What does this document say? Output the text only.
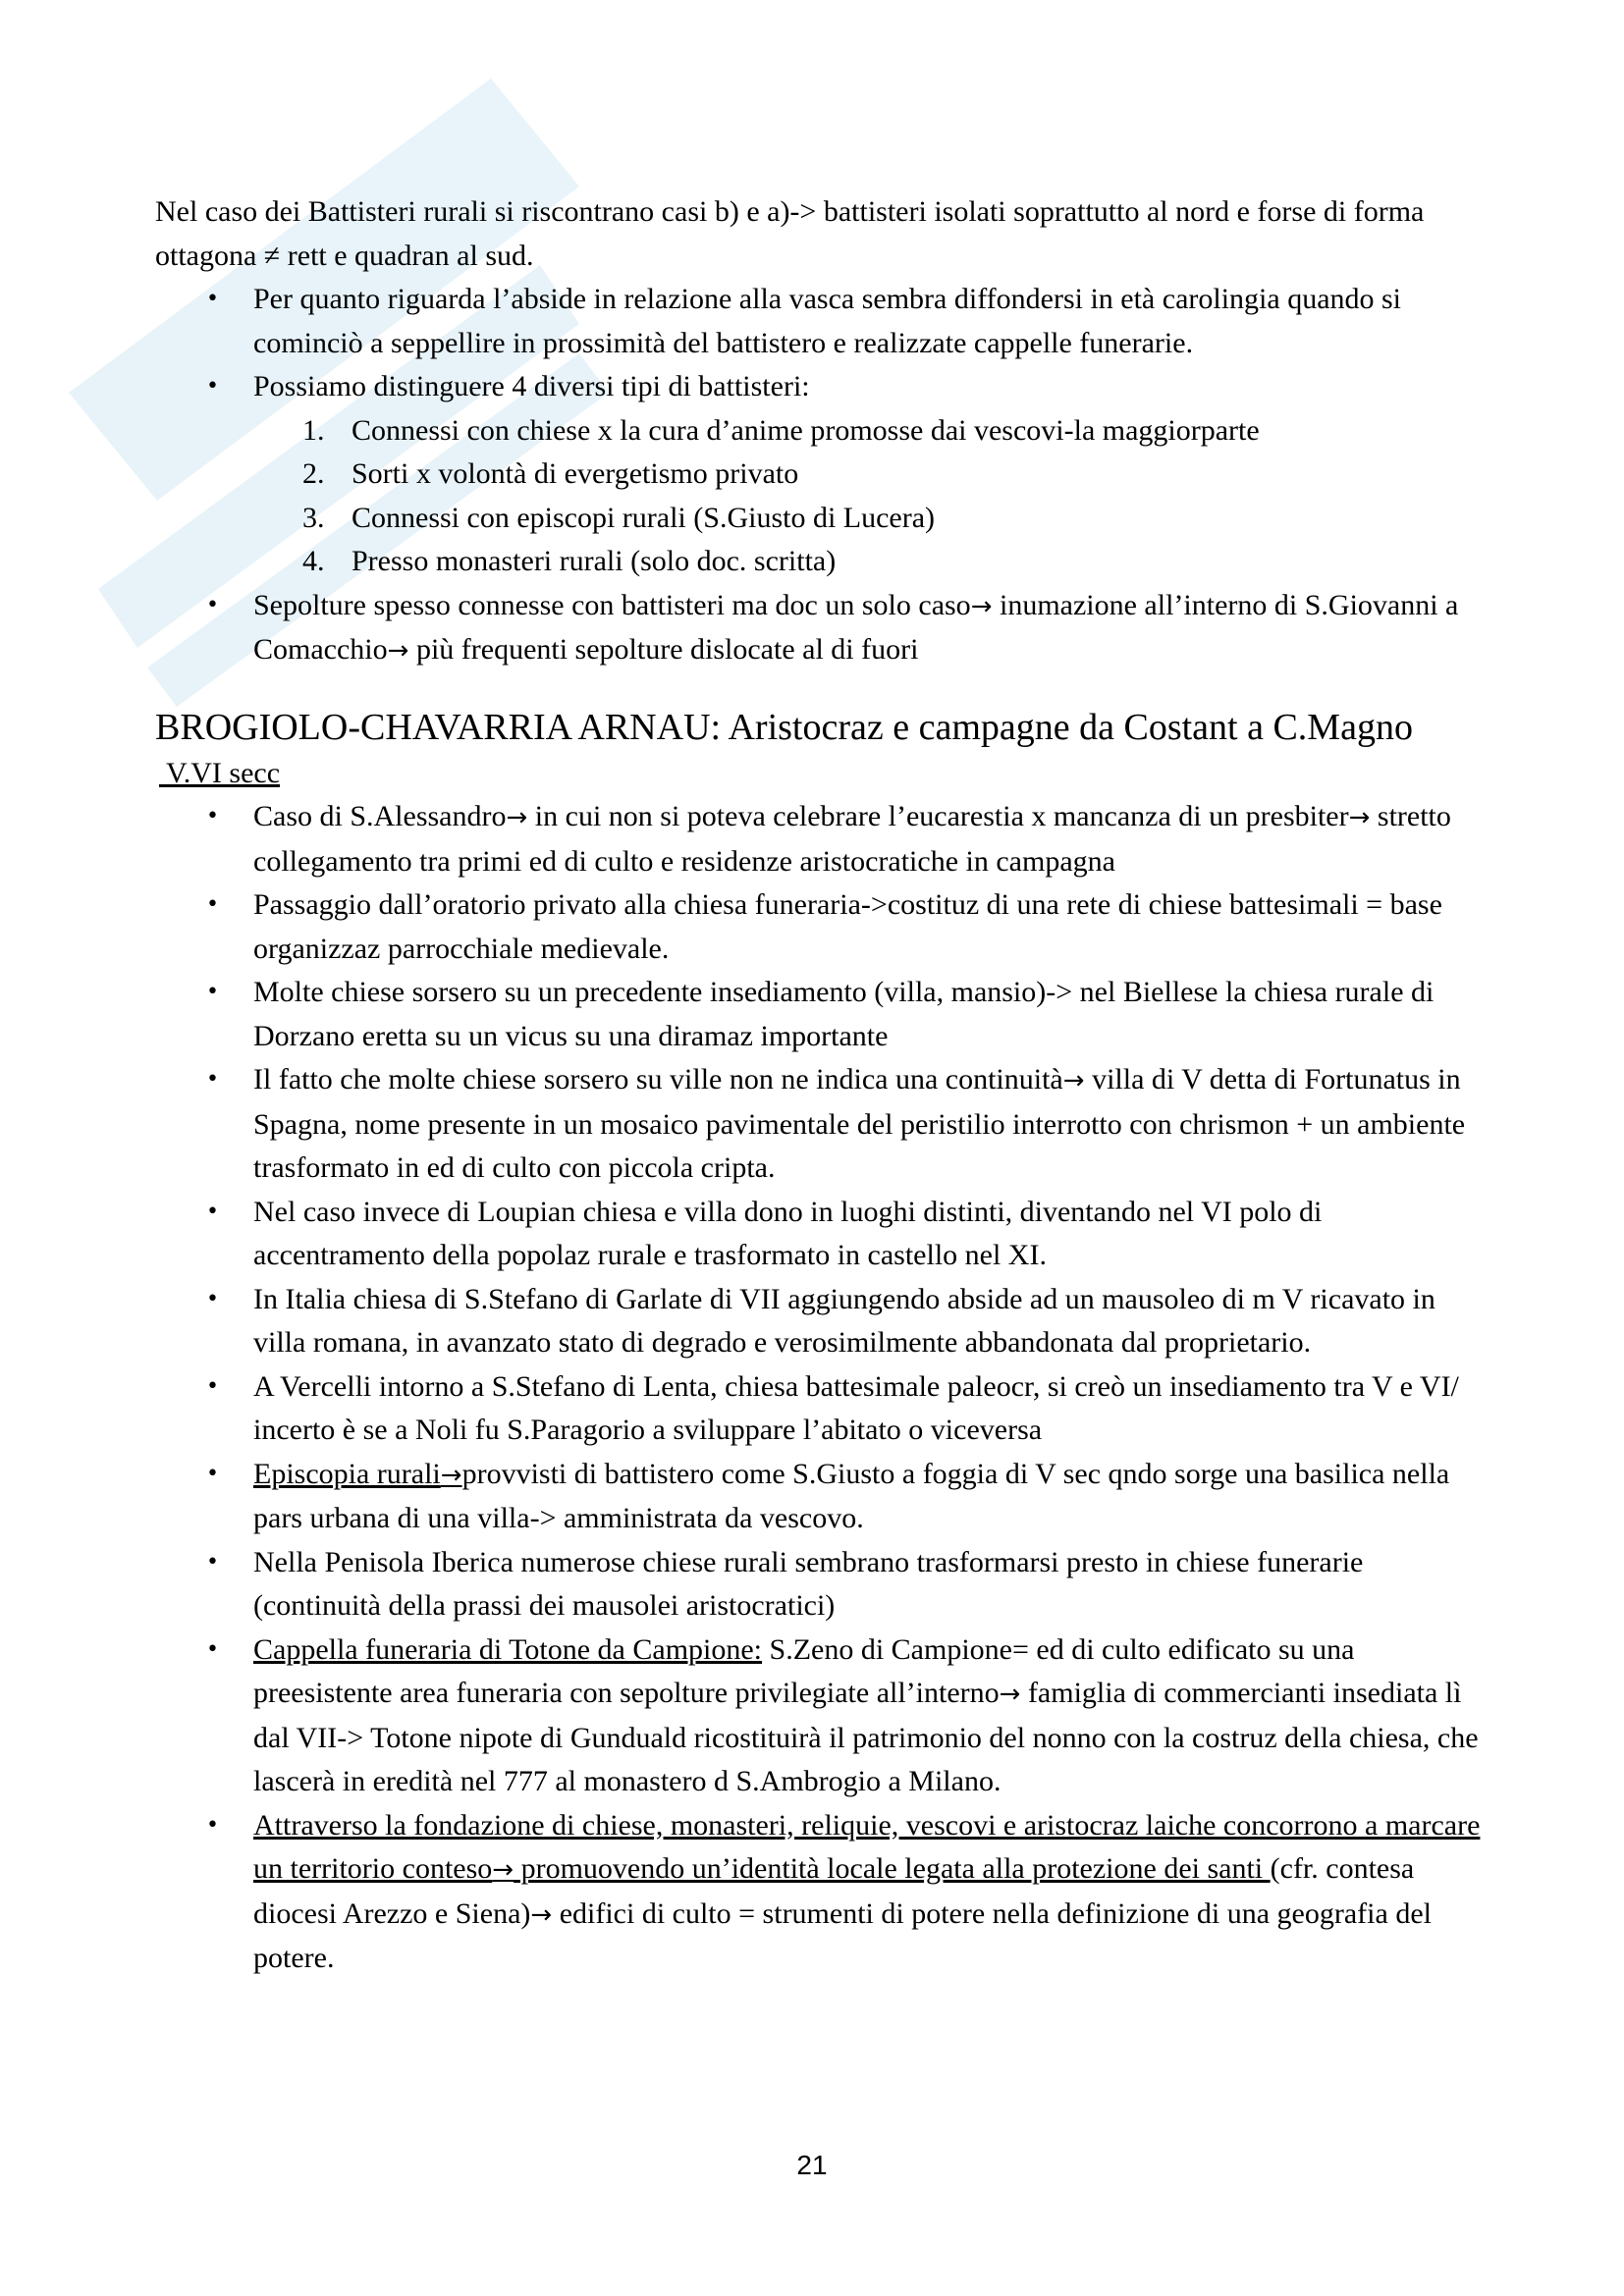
Nel caso dei Battisteri rurali si riscontrano casi b) e a)-> battisteri isolati soprattutto al nord e forse di forma ottagona ≠ rett e quadran al sud.

• Per quanto riguarda l’abside in relazione alla vasca sembra diffondersi in età carolingia quando si cominciò a seppellire in prossimità del battistero e realizzate cappelle funerarie.
• Possiamo distinguere 4 diversi tipi di battisteri:
1. Connessi con chiese x la cura d’anime promosse dai vescovi-la maggiorparte
2. Sorti x volontà di evergetismo privato
3. Connessi con episcopi rurali (S.Giusto di Lucera)
4. Presso monasteri rurali (solo doc. scritta)
• Sepolture spesso connesse con battisteri ma doc un solo caso→ inumazione all’interno di S.Giovanni a Comacchio→ più frequenti sepolture dislocate al di fuori
BROGIOLO-CHAVARRIA ARNAU: Aristocraz e campagne da Costant a C.Magno
V.VI secc
• Caso di S.Alessandro→ in cui non si poteva celebrare l’eucarestia x mancanza di un presbiter→ stretto collegamento tra primi ed di culto e residenze aristocratiche in campagna
• Passaggio dall’oratorio privato alla chiesa funeraria->costituz di una rete di chiese battesimali = base organizzaz parrocchiale medievale.
• Molte chiese sorsero su un precedente insediamento (villa, mansio)-> nel Biellese la chiesa rurale di Dorzano eretta su un vicus su una diramaz importante
• Il fatto che molte chiese sorsero su ville non ne indica una continuità→ villa di V detta di Fortunatus in Spagna, nome presente in un mosaico pavimentale del peristilio interrotto con chrismon + un ambiente trasformato in ed di culto con piccola cripta.
• Nel caso invece di Loupian chiesa e villa dono in luoghi distinti, diventando nel VI polo di accentramento della popolaz rurale e trasformato in castello nel XI.
• In Italia chiesa di S.Stefano di Garlate di VII aggiungendo abside ad un mausoleo di m V ricavato in villa romana, in avanzato stato di degrado e verosimilmente abbandonata dal proprietario.
• A Vercelli intorno a S.Stefano di Lenta, chiesa battesimale paleocr, si creò un insediamento tra V e VI/ incerto è se a Noli fu S.Paragorio a sviluppare l’abitato o viceversa
• Episcopia rurali→provvisti di battistero come S.Giusto a foggia di V sec qndo sorge una basilica nella pars urbana di una villa-> amministrata da vescovo.
• Nella Penisola Iberica numerose chiese rurali sembrano trasformarsi presto in chiese funerarie (continuità della prassi dei mausolei aristocratici)
• Cappella funeraria di Totone da Campione: S.Zeno di Campione= ed di culto edificato su una preesistente area funeraria con sepolture privilegiate all’interno→ famiglia di commercianti insediata lì dal VII-> Totone nipote di Gunduald ricostituirà il patrimonio del nonno con la costruz della chiesa, che lascerà in eredità nel 777 al monastero d S.Ambrogio a Milano.
• Attraverso la fondazione di chiese, monasteri, reliquie, vescovi e aristocraz laiche concorrono a marcare un territorio conteso→ promuovendo un’identità locale legata alla protezione dei santi (cfr. contesa diocesi Arezzo e Siena)→ edifici di culto = strumenti di potere nella definizione di una geografia del potere.
21
